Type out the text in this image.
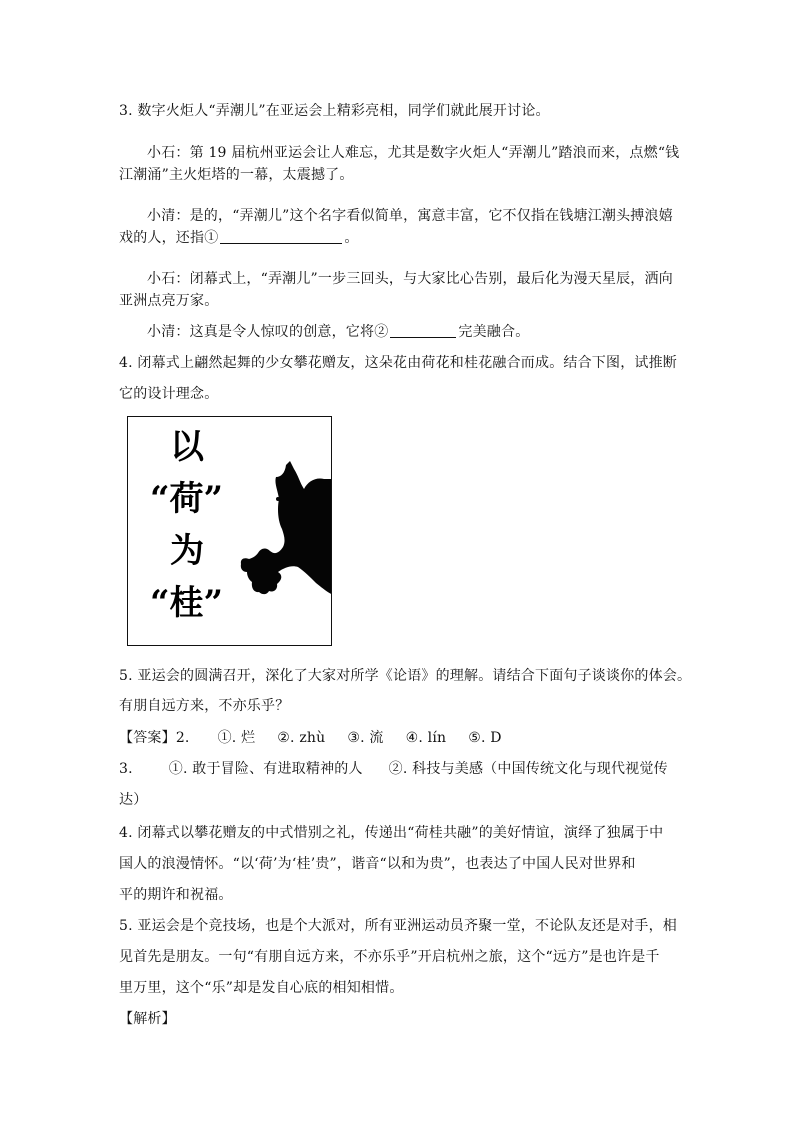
3. 数字火炬人“弄潮儿”在亚运会上精彩亮相，同学们就此展开讨论。
小石：第 19 届杭州亚运会让人难忘，尤其是数字火炬人“弄潮儿”踏浪而来，点燃“钱
江潮涌”主火炬塔的一幕，太震撼了。
小清：是的，“弄潮儿”这个名字看似简单，寓意丰富，它不仅指在钱塘江潮头搏浪嬉
戏的人，还指①	。
小石：闭幕式上，“弄潮儿”一步三回头，与大家比心告别，最后化为漫天星辰，洒向
亚洲点亮万家。
小清：这真是令人惊叹的创意，它将②	完美融合。
4. 闭幕式上翩然起舞的少女攀花赠友，这朵花由荷花和桂花融合而成。结合下图，试推断
它的设计理念。
以
“荷”
为
“桂”
5. 亚运会的圆满召开，深化了大家对所学《论语》的理解。请结合下面句子谈谈你的体会。
有朋自远方来，不亦乐乎？
【答案】2. ①. 烂 ②. zhù ③. 流 ④. lín ⑤. D
3.	①. 敢于冒险、有进取精神的人 ②. 科技与美感（中国传统文化与现代视觉传
达）
4. 闭幕式以攀花赠友的中式惜别之礼，传递出“荷桂共融”的美好情谊，演绎了独属于中
国人的浪漫情怀。“以‘荷’为‘桂’贵”，谐音“以和为贵”，也表达了中国人民对世界和
平的期许和祝福。
5. 亚运会是个竞技场，也是个大派对，所有亚洲运动员齐聚一堂，不论队友还是对手，相
见首先是朋友。一句“有朋自远方来，不亦乐乎”开启杭州之旅，这个“远方”是也许是千
里万里，这个“乐”却是发自心底的相知相惜。
【解析】
